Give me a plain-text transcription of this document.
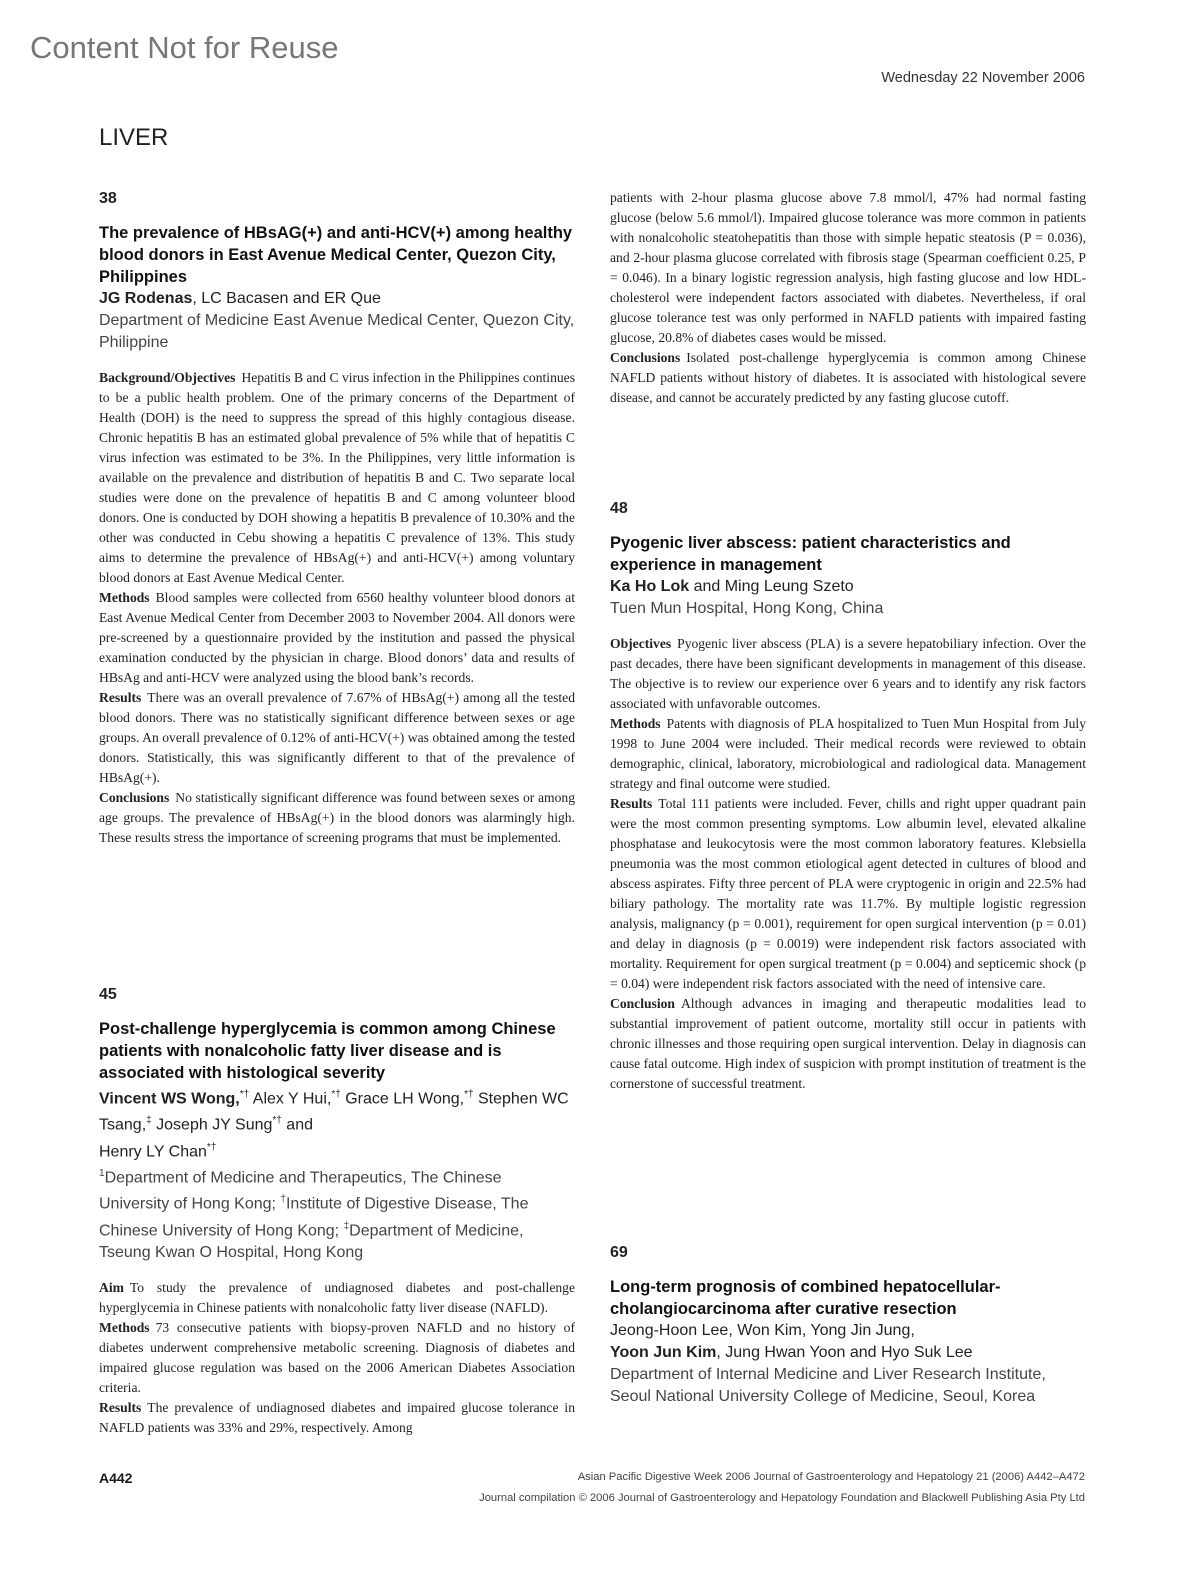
Content Not for Reuse
Wednesday 22 November 2006
LIVER

38

The prevalence of HBsAG(+) and anti-HCV(+) among healthy blood donors in East Avenue Medical Center, Quezon City, Philippines

JG Rodenas, LC Bacasen and ER Que

Department of Medicine East Avenue Medical Center, Quezon City, Philippine

Background/Objectives Hepatitis B and C virus infection in the Philippines continues to be a public health problem. One of the primary concerns of the Department of Health (DOH) is the need to suppress the spread of this highly contagious disease. Chronic hepatitis B has an estimated global prevalence of 5% while that of hepatitis C virus infection was estimated to be 3%. In the Philippines, very little information is available on the prevalence and distribution of hepatitis B and C. Two separate local studies were done on the prevalence of hepatitis B and C among volunteer blood donors. One is conducted by DOH showing a hepatitis B prevalence of 10.30% and the other was conducted in Cebu showing a hepatitis C prevalence of 13%. This study aims to determine the prevalence of HBsAg(+) and anti-HCV(+) among voluntary blood donors at East Avenue Medical Center.

Methods Blood samples were collected from 6560 healthy volunteer blood donors at East Avenue Medical Center from December 2003 to November 2004. All donors were pre-screened by a questionnaire provided by the institution and passed the physical examination conducted by the physician in charge. Blood donors’ data and results of HBsAg and anti-HCV were analyzed using the blood bank’s records.

Results There was an overall prevalence of 7.67% of HBsAg(+) among all the tested blood donors. There was no statistically significant difference between sexes or age groups. An overall prevalence of 0.12% of anti-HCV(+) was obtained among the tested donors. Statistically, this was significantly different to that of the prevalence of HBsAg(+).

Conclusions No statistically significant difference was found between sexes or among age groups. The prevalence of HBsAg(+) in the blood donors was alarmingly high. These results stress the importance of screening programs that must be implemented.

45

Post-challenge hyperglycemia is common among Chinese patients with nonalcoholic fatty liver disease and is associated with histological severity

Vincent WS Wong,*† Alex Y Hui,*† Grace LH Wong,*† Stephen WC Tsang,‡ Joseph JY Sung*† and
Henry LY Chan*†

$^1$Department of Medicine and Therapeutics, The Chinese University of Hong Kong; †Institute of Digestive Disease, The Chinese University of Hong Kong; ‡Department of Medicine, Tseung Kwan O Hospital, Hong Kong

Aim To study the prevalence of undiagnosed diabetes and post-challenge hyperglycemia in Chinese patients with nonalcoholic fatty liver disease (NAFLD).

Methods 73 consecutive patients with biopsy-proven NAFLD and no history of diabetes underwent comprehensive metabolic screening. Diagnosis of diabetes and impaired glucose regulation was based on the 2006 American Diabetes Association criteria.

Results The prevalence of undiagnosed diabetes and impaired glucose tolerance in NAFLD patients was 33% and 29%, respectively. Among

patients with 2-hour plasma glucose above 7.8 mmol/l, 47% had normal fasting glucose (below 5.6 mmol/l). Impaired glucose tolerance was more common in patients with nonalcoholic steatohepatitis than those with simple hepatic steatosis (P = 0.036), and 2-hour plasma glucose correlated with fibrosis stage (Spearman coefficient 0.25, P = 0.046). In a binary logistic regression analysis, high fasting glucose and low HDL-cholesterol were independent factors associated with diabetes. Nevertheless, if oral glucose tolerance test was only performed in NAFLD patients with impaired fasting glucose, 20.8% of diabetes cases would be missed.

Conclusions Isolated post-challenge hyperglycemia is common among Chinese NAFLD patients without history of diabetes. It is associated with histological severe disease, and cannot be accurately predicted by any fasting glucose cutoff.

48

Pyogenic liver abscess: patient characteristics and experience in management

Ka Ho Lok and Ming Leung Szeto

Tuen Mun Hospital, Hong Kong, China

Objectives Pyogenic liver abscess (PLA) is a severe hepatobiliary infection. Over the past decades, there have been significant developments in management of this disease. The objective is to review our experience over 6 years and to identify any risk factors associated with unfavorable outcomes.

Methods Patents with diagnosis of PLA hospitalized to Tuen Mun Hospital from July 1998 to June 2004 were included. Their medical records were reviewed to obtain demographic, clinical, laboratory, microbiological and radiological data. Management strategy and final outcome were studied.

Results Total 111 patients were included. Fever, chills and right upper quadrant pain were the most common presenting symptoms. Low albumin level, elevated alkaline phosphatase and leukocytosis were the most common laboratory features. Klebsiella pneumonia was the most common etiological agent detected in cultures of blood and abscess aspirates. Fifty three percent of PLA were cryptogenic in origin and 22.5% had biliary pathology. The mortality rate was 11.7%. By multiple logistic regression analysis, malignancy (p = 0.001), requirement for open surgical intervention (p = 0.01) and delay in diagnosis (p = 0.0019) were independent risk factors associated with mortality. Requirement for open surgical treatment (p = 0.004) and septicemic shock (p = 0.04) were independent risk factors associated with the need of intensive care.

Conclusion Although advances in imaging and therapeutic modalities lead to substantial improvement of patient outcome, mortality still occur in patients with chronic illnesses and those requiring open surgical intervention. Delay in diagnosis can cause fatal outcome. High index of suspicion with prompt institution of treatment is the cornerstone of successful treatment.

69

Long-term prognosis of combined hepatocellular-cholangiocarcinoma after curative resection

Jeong-Hoon Lee, Won Kim, Yong Jin Jung,
Yoon Jun Kim, Jung Hwan Yoon and Hyo Suk Lee

Department of Internal Medicine and Liver Research Institute, Seoul National University College of Medicine, Seoul, Korea

A442	Asian Pacific Digestive Week 2006 Journal of Gastroenterology and Hepatology 21 (2006) A442–A472
Journal compilation © 2006 Journal of Gastroenterology and Hepatology Foundation and Blackwell Publishing Asia Pty Ltd
